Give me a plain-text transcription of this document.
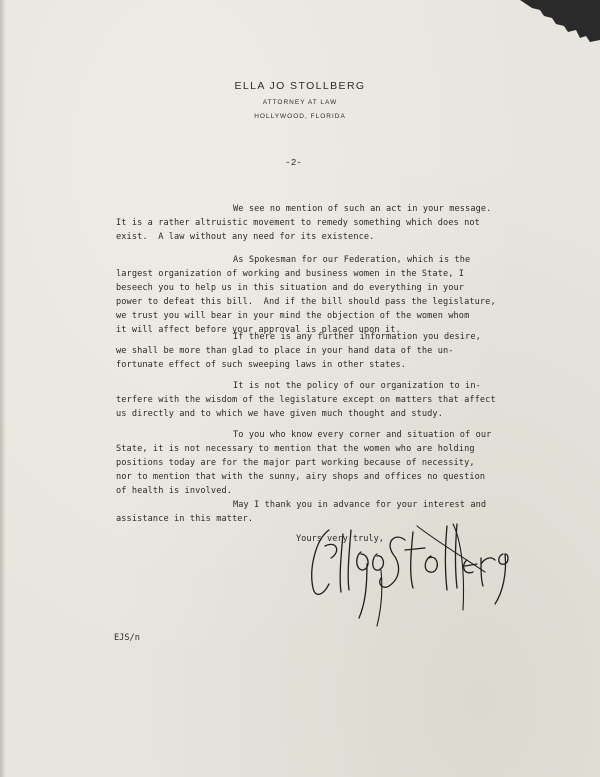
ELLA JO STOLLBERG
ATTORNEY AT LAW
HOLLYWOOD, FLORIDA
-2-
We see no mention of such an act in your message.
It is a rather altruistic movement to remedy something which does not
exist.  A law without any need for its existence.
As Spokesman for our Federation, which is the
largest organization of working and business women in the State, I
beseech you to help us in this situation and do everything in your
power to defeat this bill.  And if the bill should pass the legislature,
we trust you will bear in your mind the objection of the women whom
it will affect before your approval is placed upon it.
If there is any further information you desire,
we shall be more than glad to place in your hand data of the un-
fortunate effect of such sweeping laws in other states.
It is not the policy of our organization to in-
terfere with the wisdom of the legislature except on matters that affect
us directly and to which we have given much thought and study.
To you who know every corner and situation of our
State, it is not necessary to mention that the women who are holding
positions today are for the major part working because of necessity,
nor to mention that with the sunny, airy shops and offices no question
of health is involved.
May I thank you in advance for your interest and
assistance in this matter.
Yours very truly,
EJS/n
